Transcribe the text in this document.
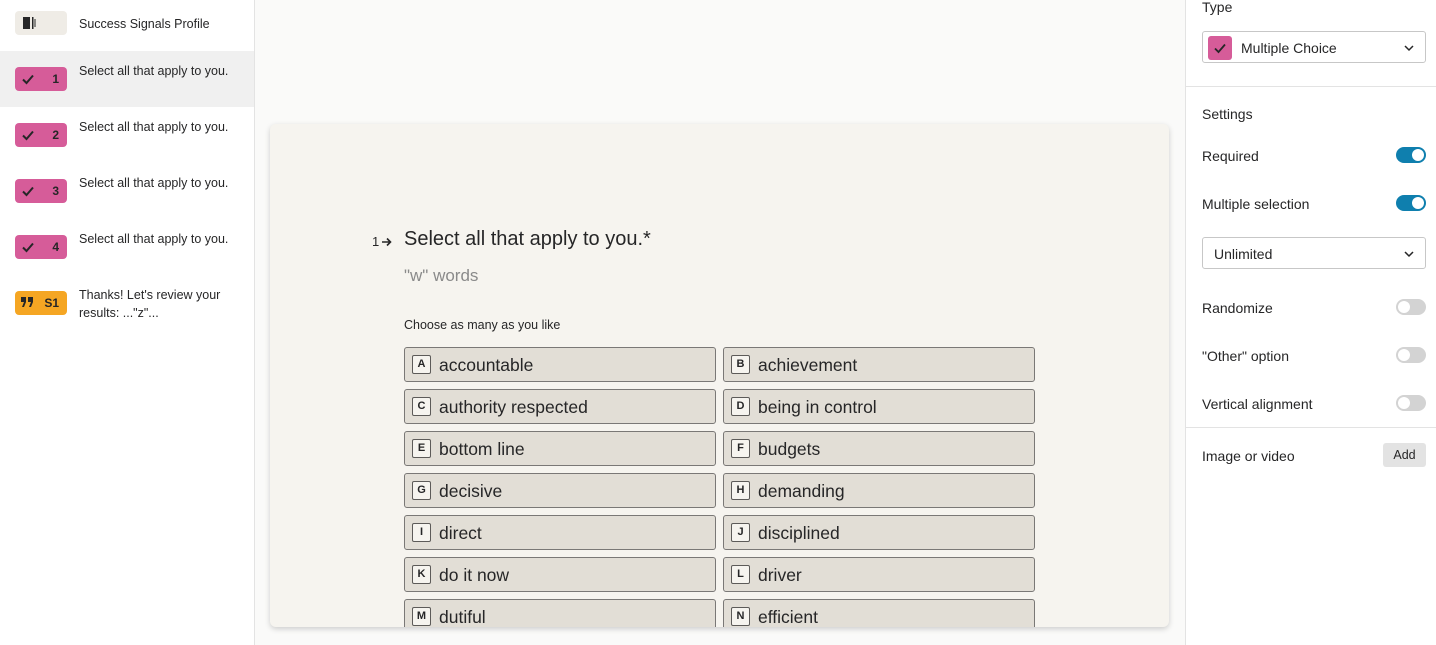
Success Signals Profile
1
Select all that apply to you.
2
Select all that apply to you.
3
Select all that apply to you.
4
Select all that apply to you.
S1
Thanks! Let's review your results: ..."z"...
1 Select all that apply to you.*
"w" words
Choose as many as you like
A accountable	B achievement
C authority respected	D being in control
E bottom line	F budgets
G decisive	H demanding
I direct	J disciplined
K do it now	L driver
M dutiful	N efficient
Type
Multiple Choice
Settings
Required
Multiple selection
Unlimited
Randomize
"Other" option
Vertical alignment
Image or video	Add
